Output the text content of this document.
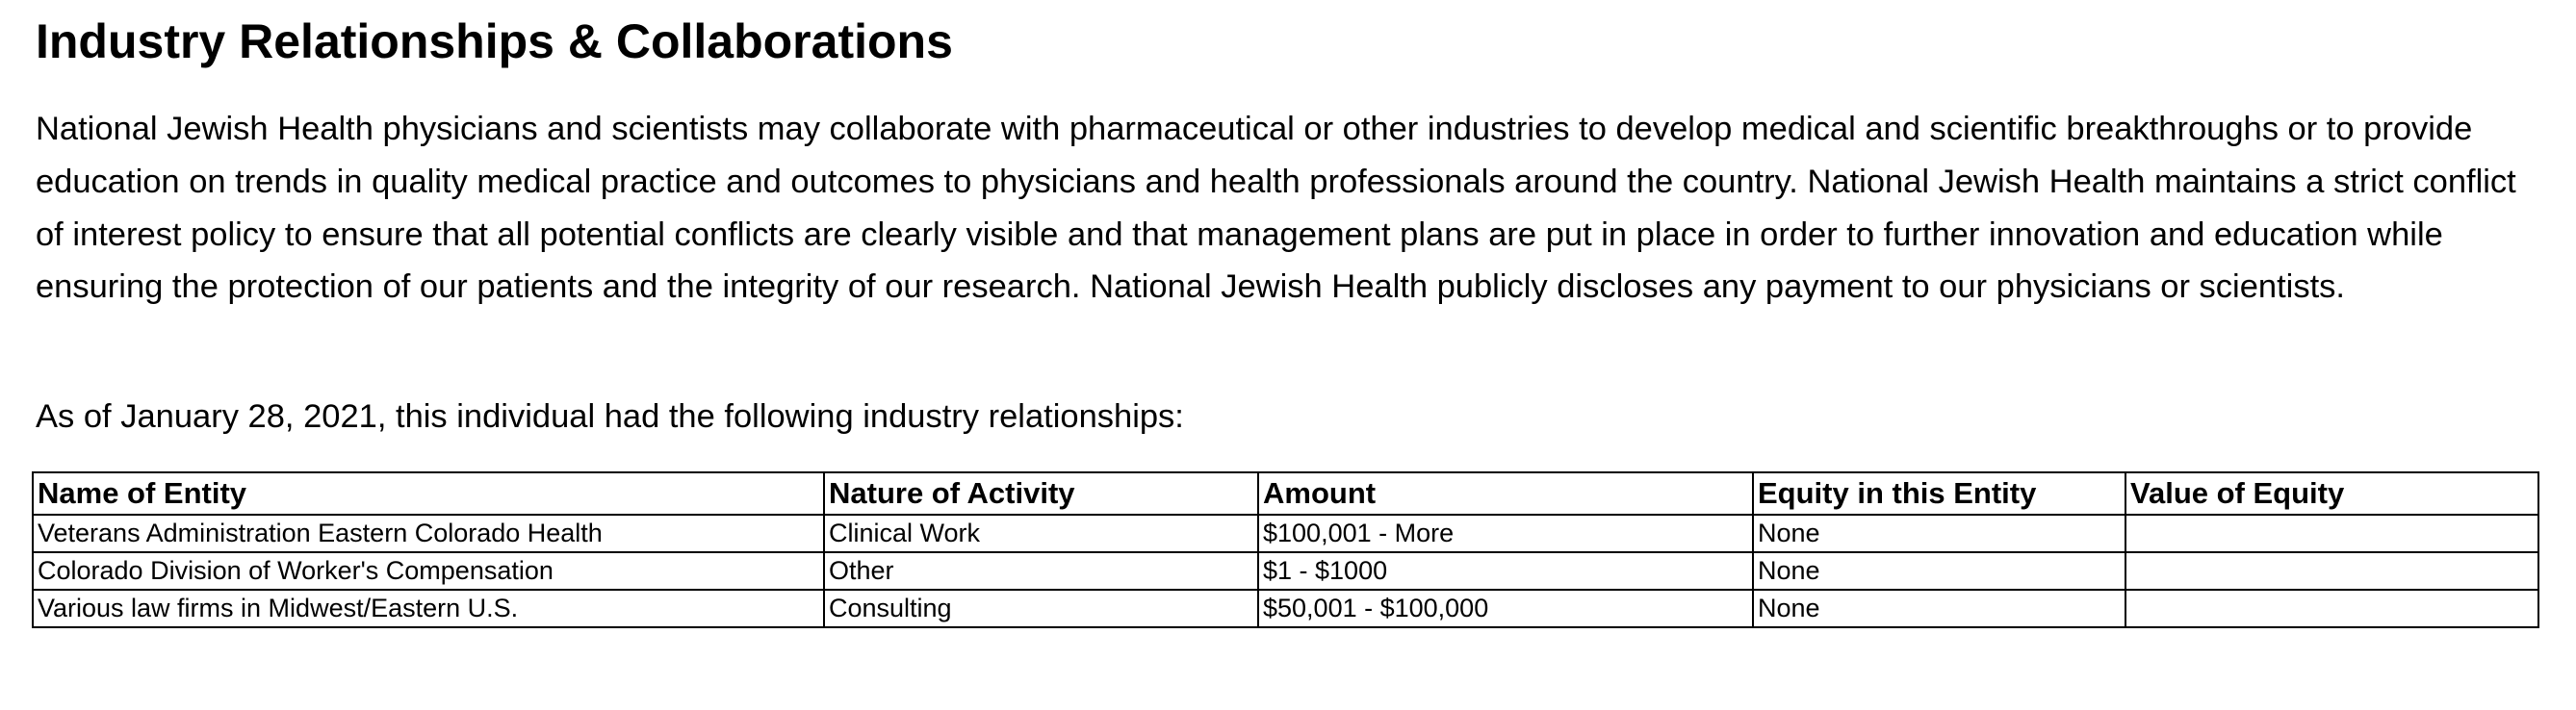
Industry Relationships & Collaborations

National Jewish Health physicians and scientists may collaborate with pharmaceutical or other industries to develop medical and scientific breakthroughs or to provide education on trends in quality medical practice and outcomes to physicians and health professionals around the country. National Jewish Health maintains a strict conflict of interest policy to ensure that all potential conflicts are clearly visible and that management plans are put in place in order to further innovation and education while ensuring the protection of our patients and the integrity of our research. National Jewish Health publicly discloses any payment to our physicians or scientists.

As of January 28, 2021, this individual had the following industry relationships:

Name of Entity	Nature of Activity	Amount	Equity in this Entity	Value of Equity
Veterans Administration Eastern Colorado Health	Clinical Work	$100,001 - More	None	
Colorado Division of Worker's Compensation	Other	$1 - $1000	None	
Various law firms in Midwest/Eastern U.S.	Consulting	$50,001 - $100,000	None	
